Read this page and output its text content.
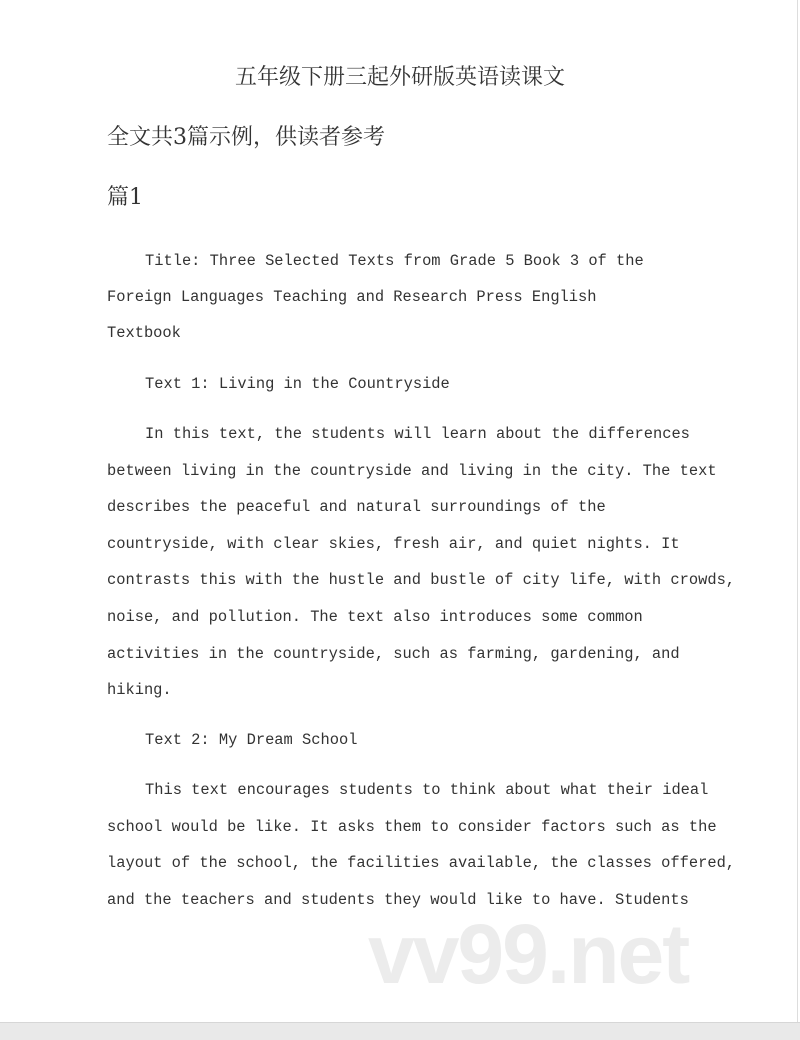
五年级下册三起外研版英语读课文
全文共3篇示例，供读者参考
篇1
Title: Three Selected Texts from Grade 5 Book 3 of the
Foreign Languages Teaching and Research Press English
Textbook
Text 1: Living in the Countryside
In this text, the students will learn about the differences
between living in the countryside and living in the city. The text
describes the peaceful and natural surroundings of the
countryside, with clear skies, fresh air, and quiet nights. It
contrasts this with the hustle and bustle of city life, with crowds,
noise, and pollution. The text also introduces some common
activities in the countryside, such as farming, gardening, and
hiking.
Text 2: My Dream School
This text encourages students to think about what their ideal
school would be like. It asks them to consider factors such as the
layout of the school, the facilities available, the classes offered,
and the teachers and students they would like to have. Students
vv99.net
